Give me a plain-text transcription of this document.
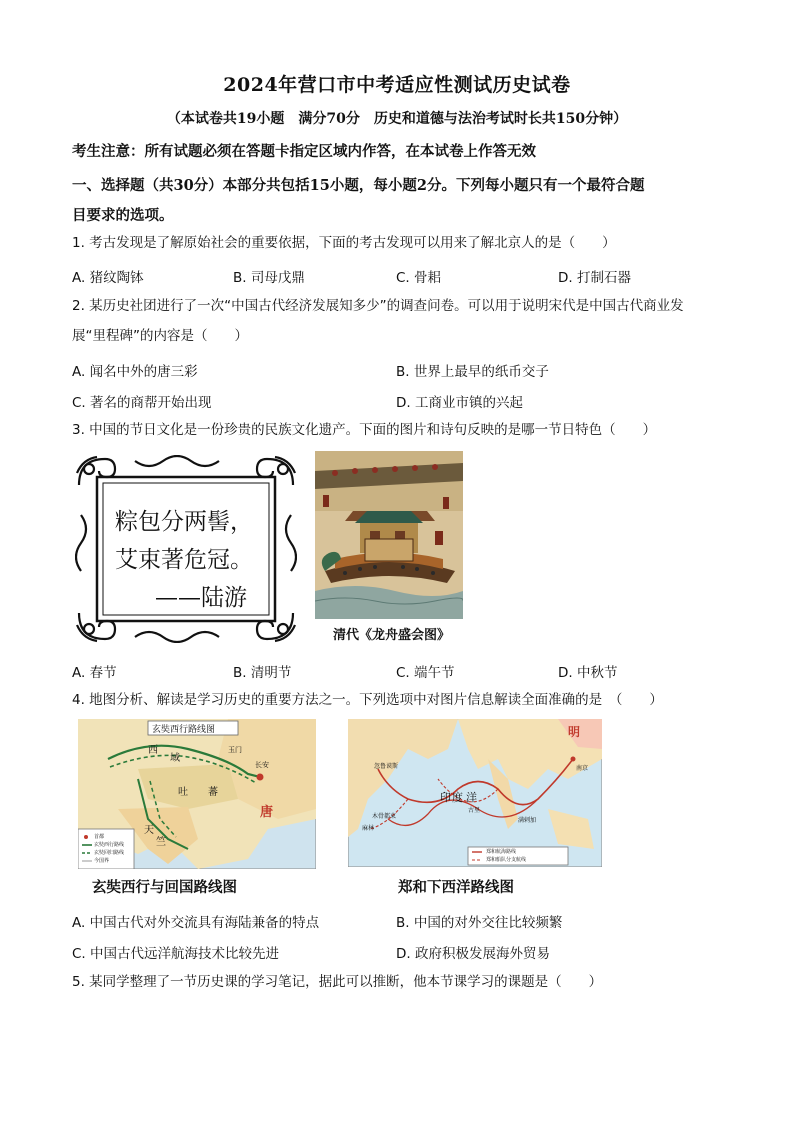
2024年营口市中考适应性测试历史试卷
（本试卷共19小题　满分70分　历史和道德与法治考试时长共150分钟）
考生注意：所有试题必须在答题卡指定区域内作答，在本试卷上作答无效
一、选择题（共30分）本部分共包括15小题，每小题2分。下列每小题只有一个最符合题
目要求的选项。
1. 考古发现是了解原始社会的重要依据，下面的考古发现可以用来了解北京人的是（　　）
A. 猪纹陶钵	B. 司母戊鼎	C. 骨耜	D. 打制石器
2. 某历史社团进行了一次“中国古代经济发展知多少”的调查问卷。可以用于说明宋代是中国古代商业发
展“里程碑”的内容是（　　）
A. 闻名中外的唐三彩	B. 世界上最早的纸币交子
C. 著名的商帮开始出现	D. 工商业市镇的兴起
3. 中国的节日文化是一份珍贵的民族文化遗产。下面的图片和诗句反映的是哪一节日特色（　　）
粽包分两髻，
艾束著危冠。
——陆游
清代《龙舟盛会图》
A. 春节	B. 清明节	C. 端午节	D. 中秋节
4. 地图分析、解读是学习历史的重要方法之一。下列选项中对图片信息解读全面准确的是　（　　）
玄奘西行路线图
西
域
玉门
长安
吐 蕃
唐
天
竺
首都
玄奘西行路线
玄奘回归路线
今国界
玄奘西行与回国路线图
明
印 度 洋
南京
古里
忽鲁谟斯
满剌加
木骨都束
麻林
郑和航海路线
郑和船队分支航线
郑和下西洋路线图
A. 中国古代对外交流具有海陆兼备的特点	B. 中国的对外交往比较频繁
C. 中国古代远洋航海技术比较先进	D. 政府积极发展海外贸易
5. 某同学整理了一节历史课的学习笔记，据此可以推断，他本节课学习的课题是（　　）
